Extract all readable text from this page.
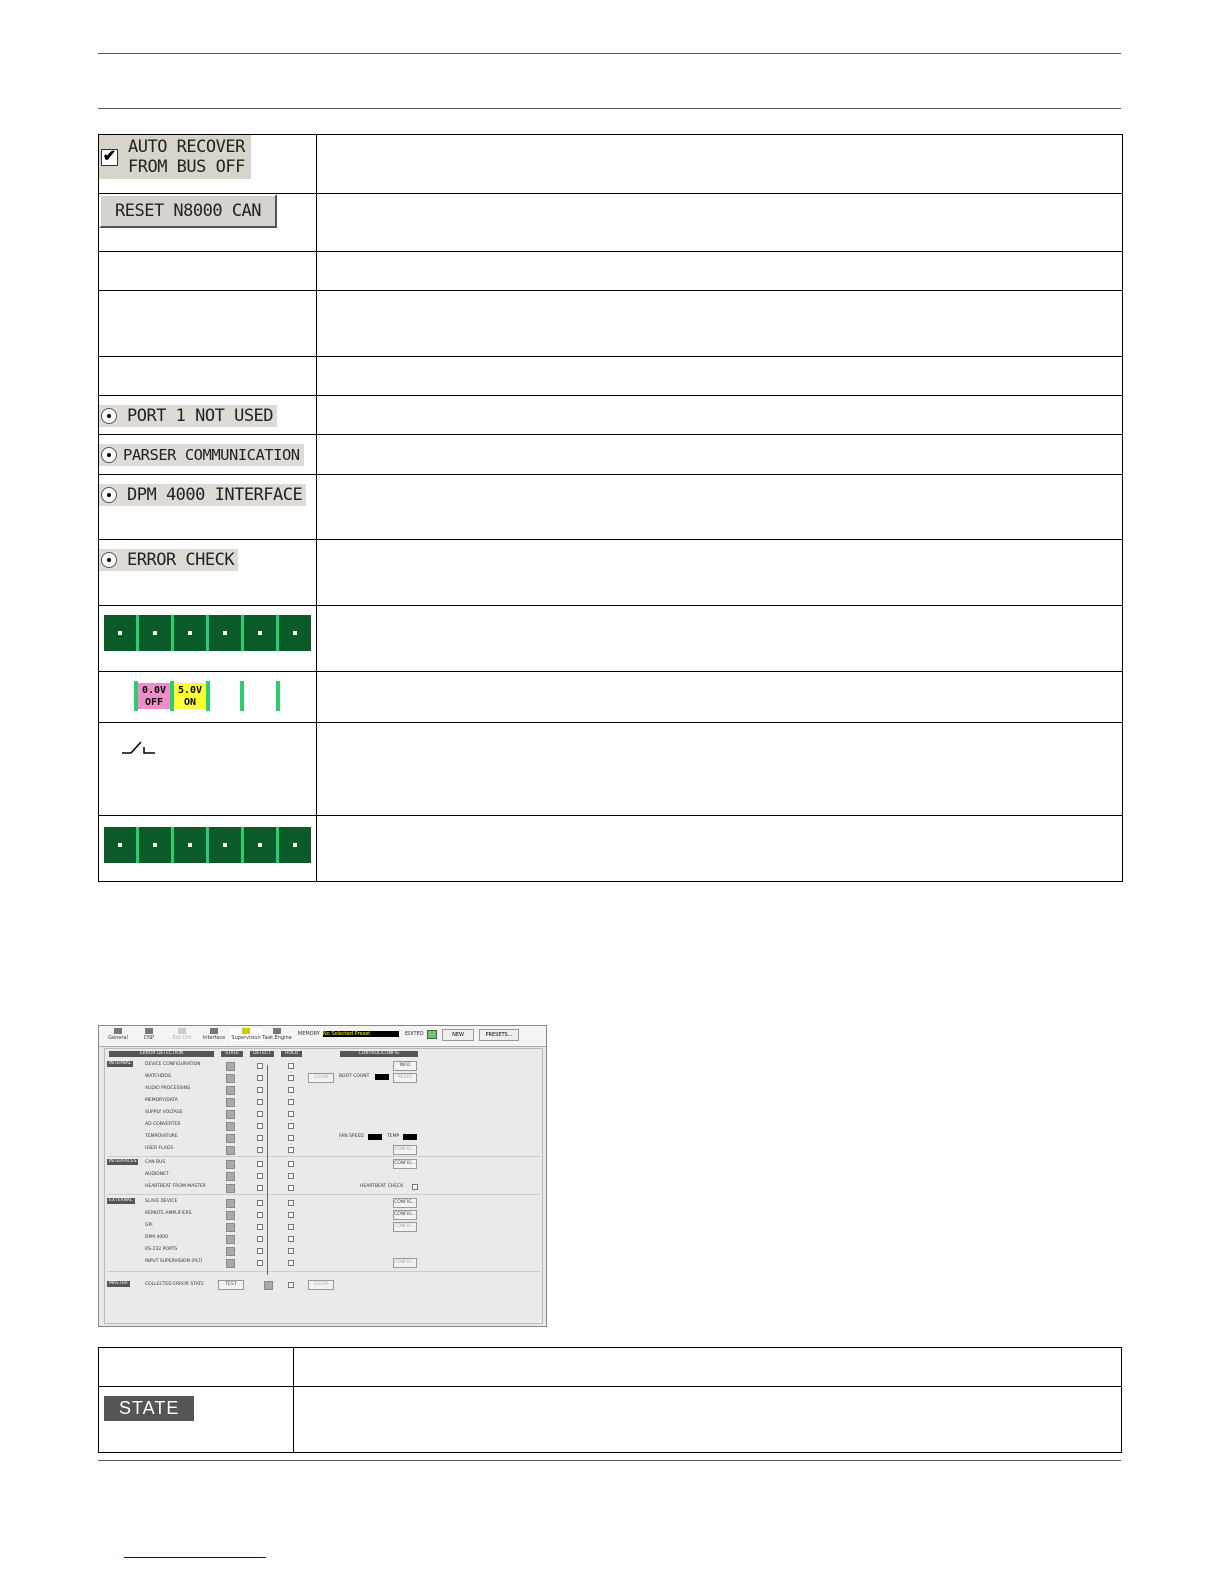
✔ AUTO RECOVER
FROM BUS OFF	

RESET N8000 CAN	

PORT 1 NOT USED	

PARSER COMMUNICATION	

DPM 4000 INTERFACE	

ERROR CHECK	

0.0V
OFF
5.0V
ON	

General	DSP	Ext Ctrl	Interface	Supervision Task Engine
MEMORY No Selected Preset	EDITED	NEW	PRESETS...
ERROR DETECTION	STATE	DETECT	HOLD	CONTROL/CONFIG
INTERNAL	DEVICE CONFIGURATION
WATCHDOG
AUDIO PROCESSING
MEMORY/DATA
SUPPLY VOLTAGE
AD CONVERTER
TEMPERATURE
USER FLAGS
INTERFACES	CAN BUS
AUDIONET
HEARTBEAT FROM MASTER
EXTERNAL	SLAVE DEVICE
REMOTE AMPLIFIERS
GPI
DPM 4000
RS-232 PORTS
INPUT SUPERVISION (PLT)
MASTER	COLLECTED ERROR STATE	TEST	CLEAR
INFO
CLEAR	BOOT COUNT	RESET
FAN SPEED	TEMP
CONFIG...
CONFIG...
HEARTBEAT CHECK
CONFIG...
CONFIG...
CONFIG...
CONFIG...

STATE	
